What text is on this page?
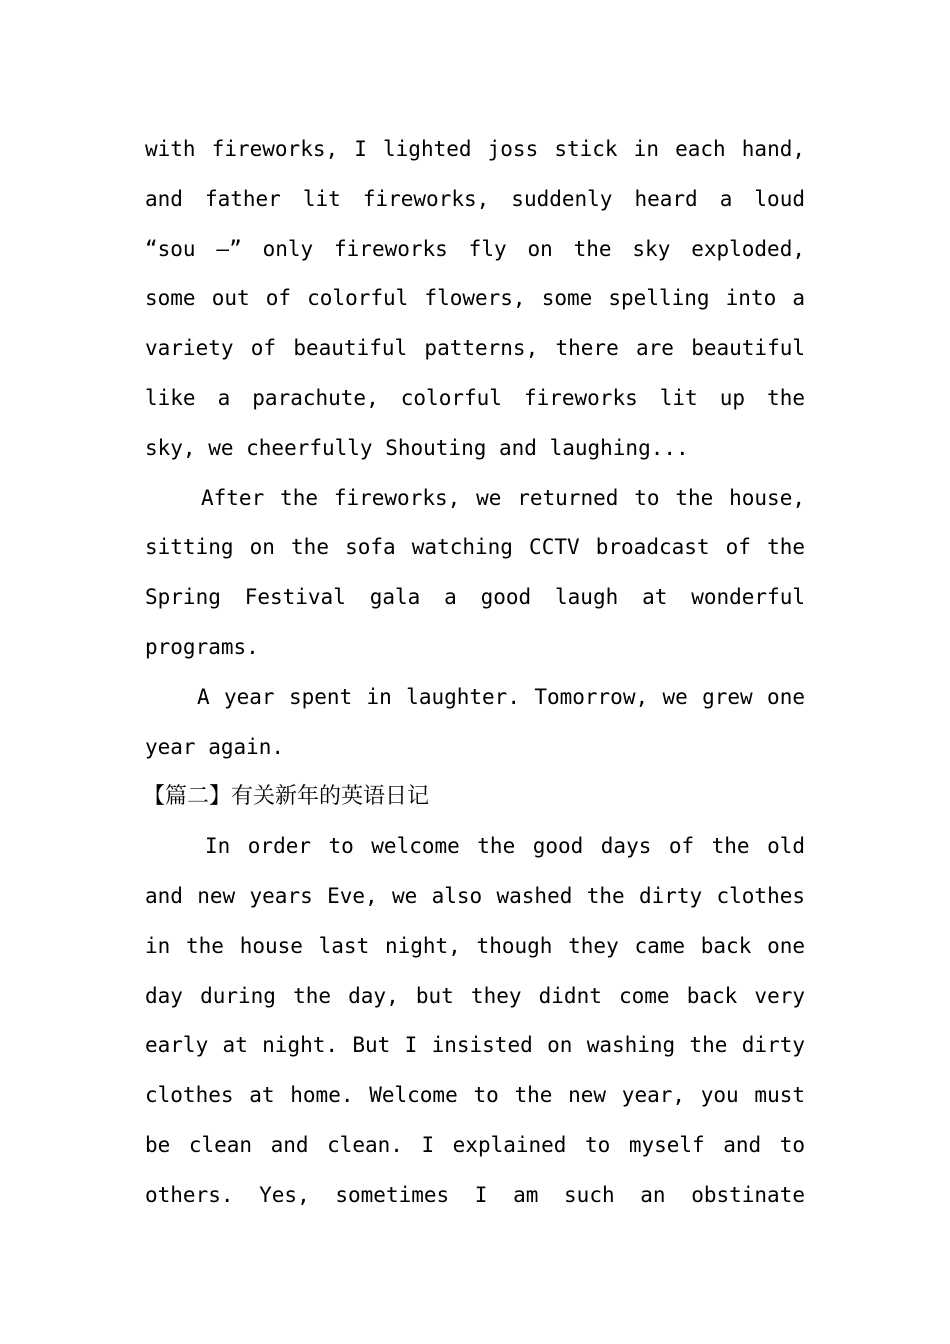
with fireworks, I lighted joss stick in each hand,
and father lit fireworks, suddenly heard a loud
“sou –” only fireworks fly on the sky exploded,
some out of colorful flowers, some spelling into a
variety of beautiful patterns, there are beautiful
like a parachute, colorful fireworks lit up the
sky, we cheerfully Shouting and laughing...
After the fireworks, we returned to the house,
sitting on the sofa watching CCTV broadcast of the
Spring Festival gala a good laugh at wonderful
programs.
A year spent in laughter. Tomorrow, we grew one
year again.
【篇二】有关新年的英语日记
In order to welcome the good days of the old
and new years Eve, we also washed the dirty clothes
in the house last night, though they came back one
day during the day, but they didnt come back very
early at night. But I insisted on washing the dirty
clothes at home. Welcome to the new year, you must
be clean and clean. I explained to myself and to
others. Yes, sometimes I am such an obstinate
